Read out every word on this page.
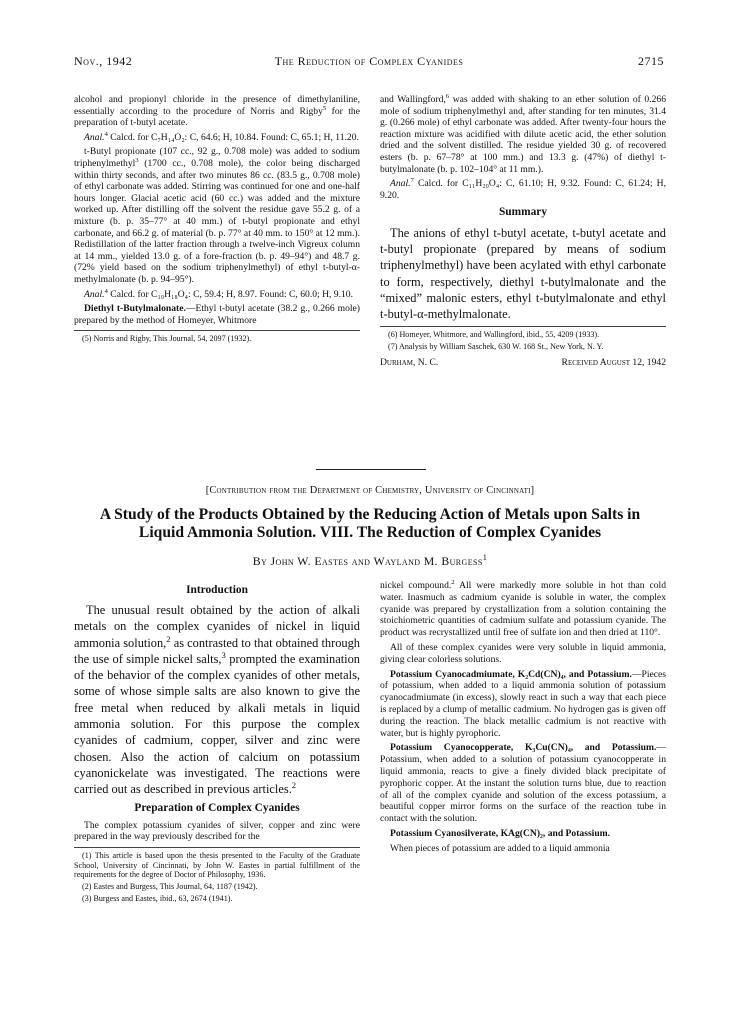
Nov., 1942	The Reduction of Complex Cyanides	2715

alcohol and propionyl chloride in the presence of dimethylaniline, essentially according to the procedure of Norris and Rigby$^5$ for the preparation of t-butyl acetate.

Anal.$^4$ Calcd. for C₇H₁₄O₂: C, 64.6; H, 10.84. Found: C, 65.1; H, 11.20.

t-Butyl propionate (107 cc., 92 g., 0.708 mole) was added to sodium triphenylmethyl$^3$ (1700 cc., 0.708 mole), the color being discharged within thirty seconds, and after two minutes 86 cc. (83.5 g., 0.708 mole) of ethyl carbonate was added. Stirring was continued for one and one-half hours longer. Glacial acetic acid (60 cc.) was added and the mixture worked up. After distilling off the solvent the residue gave 55.2 g. of a mixture (b. p. 35–77° at 40 mm.) of t-butyl propionate and ethyl carbonate, and 66.2 g. of material (b. p. 77° at 40 mm. to 150° at 12 mm.). Redistillation of the latter fraction through a twelve-inch Vigreux column at 14 mm., yielded 13.0 g. of a fore-fraction (b. p. 49–94°) and 48.7 g. (72% yield based on the sodium triphenylmethyl) of ethyl t-butyl-α-methylmalonate (b. p. 94–95°).

Anal.$^4$ Calcd. for C₁₀H₁₈O₄: C, 59.4; H, 8.97. Found: C, 60.0; H, 9.10.

Diethyl t-Butylmalonate.—Ethyl t-butyl acetate (38.2 g., 0.266 mole) prepared by the method of Homeyer, Whitmore

(5) Norris and Rigby, This Journal, 54, 2097 (1932).

and Wallingford,$^6$ was added with shaking to an ether solution of 0.266 mole of sodium triphenylmethyl and, after standing for ten minutes, 31.4 g. (0.266 mole) of ethyl carbonate was added. After twenty-four hours the reaction mixture was acidified with dilute acetic acid, the ether solution dried and the solvent distilled. The residue yielded 30 g. of recovered esters (b. p. 67–78° at 100 mm.) and 13.3 g. (47%) of diethyl t-butylmalonate (b. p. 102–104° at 11 mm.).

Anal.$^7$ Calcd. for C₁₁H₂₀O₄: C, 61.10; H, 9.32. Found: C, 61.24; H, 9.20.

Summary

The anions of ethyl t-butyl acetate, t-butyl acetate and t-butyl propionate (prepared by means of sodium triphenylmethyl) have been acylated with ethyl carbonate to form, respectively, diethyl t-butylmalonate and the “mixed” malonic esters, ethyl t-butylmalonate and ethyl t-butyl-α-methylmalonate.

(6) Homeyer, Whitmore, and Wallingford, ibid., 55, 4209 (1933).

(7) Analysis by William Saschek, 630 W. 168 St., New York, N. Y.

Durham, N. C.	Received August 12, 1942
[Contribution from the Department of Chemistry, University of Cincinnati]
A Study of the Products Obtained by the Reducing Action of Metals upon Salts in
Liquid Ammonia Solution. VIII. The Reduction of Complex Cyanides
By John W. Eastes and Wayland M. Burgess$^1$
Introduction

The unusual result obtained by the action of alkali metals on the complex cyanides of nickel in liquid ammonia solution,$^2$ as contrasted to that obtained through the use of simple nickel salts,$^3$ prompted the examination of the behavior of the complex cyanides of other metals, some of whose simple salts are also known to give the free metal when reduced by alkali metals in liquid ammonia solution. For this purpose the complex cyanides of cadmium, copper, silver and zinc were chosen. Also the action of calcium on potassium cyanonickelate was investigated. The reactions were carried out as described in previous articles.$^2$

Preparation of Complex Cyanides

The complex potassium cyanides of silver, copper and zinc were prepared in the way previously described for the

(1) This article is based upon the thesis presented to the Faculty of the Graduate School, University of Cincinnati, by John W. Eastes in partial fulfillment of the requirements for the degree of Doctor of Philosophy, 1936.

(2) Eastes and Burgess, This Journal, 64, 1187 (1942).

(3) Burgess and Eastes, ibid., 63, 2674 (1941).

nickel compound.$^2$ All were markedly more soluble in hot than cold water. Inasmuch as cadmium cyanide is soluble in water, the complex cyanide was prepared by crystallization from a solution containing the stoichiometric quantities of cadmium sulfate and potassium cyanide. The product was recrystallized until free of sulfate ion and then dried at 110°.

All of these complex cyanides were very soluble in liquid ammonia, giving clear colorless solutions.

Potassium Cyanocadmiumate, K₂Cd(CN)₄, and Potassium.—Pieces of potassium, when added to a liquid ammonia solution of potassium cyanocadmiumate (in excess), slowly react in such a way that each piece is replaced by a clump of metallic cadmium. No hydrogen gas is given off during the reaction. The black metallic cadmium is not reactive with water, but is highly pyrophoric.

Potassium Cyanocopperate, K₃Cu(CN)₄, and Potassium.—Potassium, when added to a solution of potassium cyanocopperate in liquid ammonia, reacts to give a finely divided black precipitate of pyrophoric copper. At the instant the solution turns blue, due to reaction of all of the complex cyanide and solution of the excess potassium, a beautiful copper mirror forms on the surface of the reaction tube in contact with the solution.

Potassium Cyanosilverate, KAg(CN)₂, and Potassium.

When pieces of potassium are added to a liquid ammonia
